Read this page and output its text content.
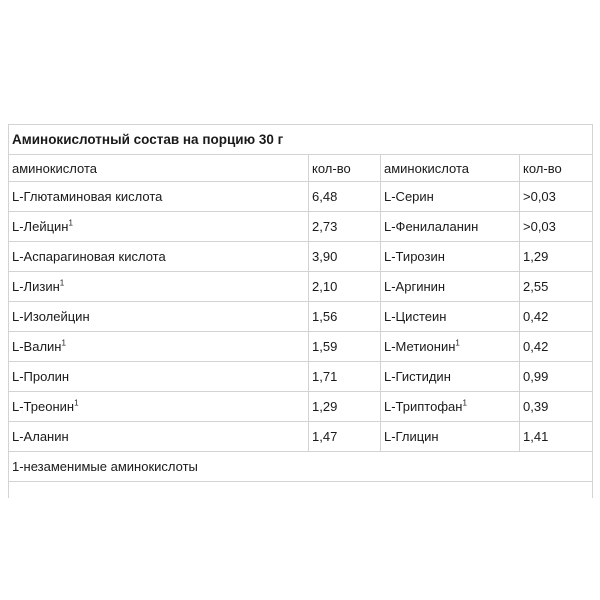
Аминокислотный состав на порцию 30 г			
аминокислота	кол-во	аминокислота	кол-во
L-Глютаминовая кислота	6,48	L-Серин	>0,03
L-Лейцин$^1$	2,73	L-Фенилаланин	>0,03
L-Аспарагиновая кислота	3,90	L-Тирозин	1,29
L-Лизин$^1$	2,10	L-Аргинин	2,55
L-Изолейцин	1,56	L-Цистеин	0,42
L-Валин$^1$	1,59	L-Метионин$^1$	0,42
L-Пролин	1,71	L-Гистидин	0,99
L-Треонин$^1$	1,29	L-Триптофан$^1$	0,39
L-Аланин	1,47	L-Глицин	1,41
1-незаменимые аминокислоты			
